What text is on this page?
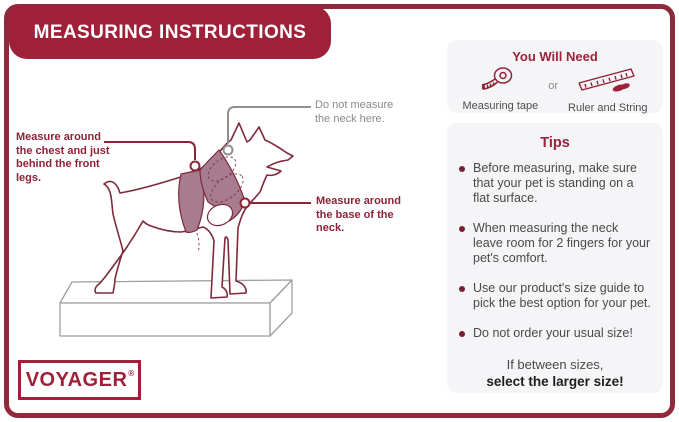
MEASURING INSTRUCTIONS
Measure around
the chest and just
behind the front
legs.
Do not measure
the neck here.
Measure around
the base of the
neck.
You Will Need
Measuring tape
or
Ruler and String
Tips
Before measuring, make sure that your pet is standing on a flat surface.
When measuring the neck leave room for 2 fingers for your pet's comfort.
Use our product's size guide to pick the best option for your pet.
Do not order your usual size!
If between sizes,
select the larger size!
VOYAGER ®
